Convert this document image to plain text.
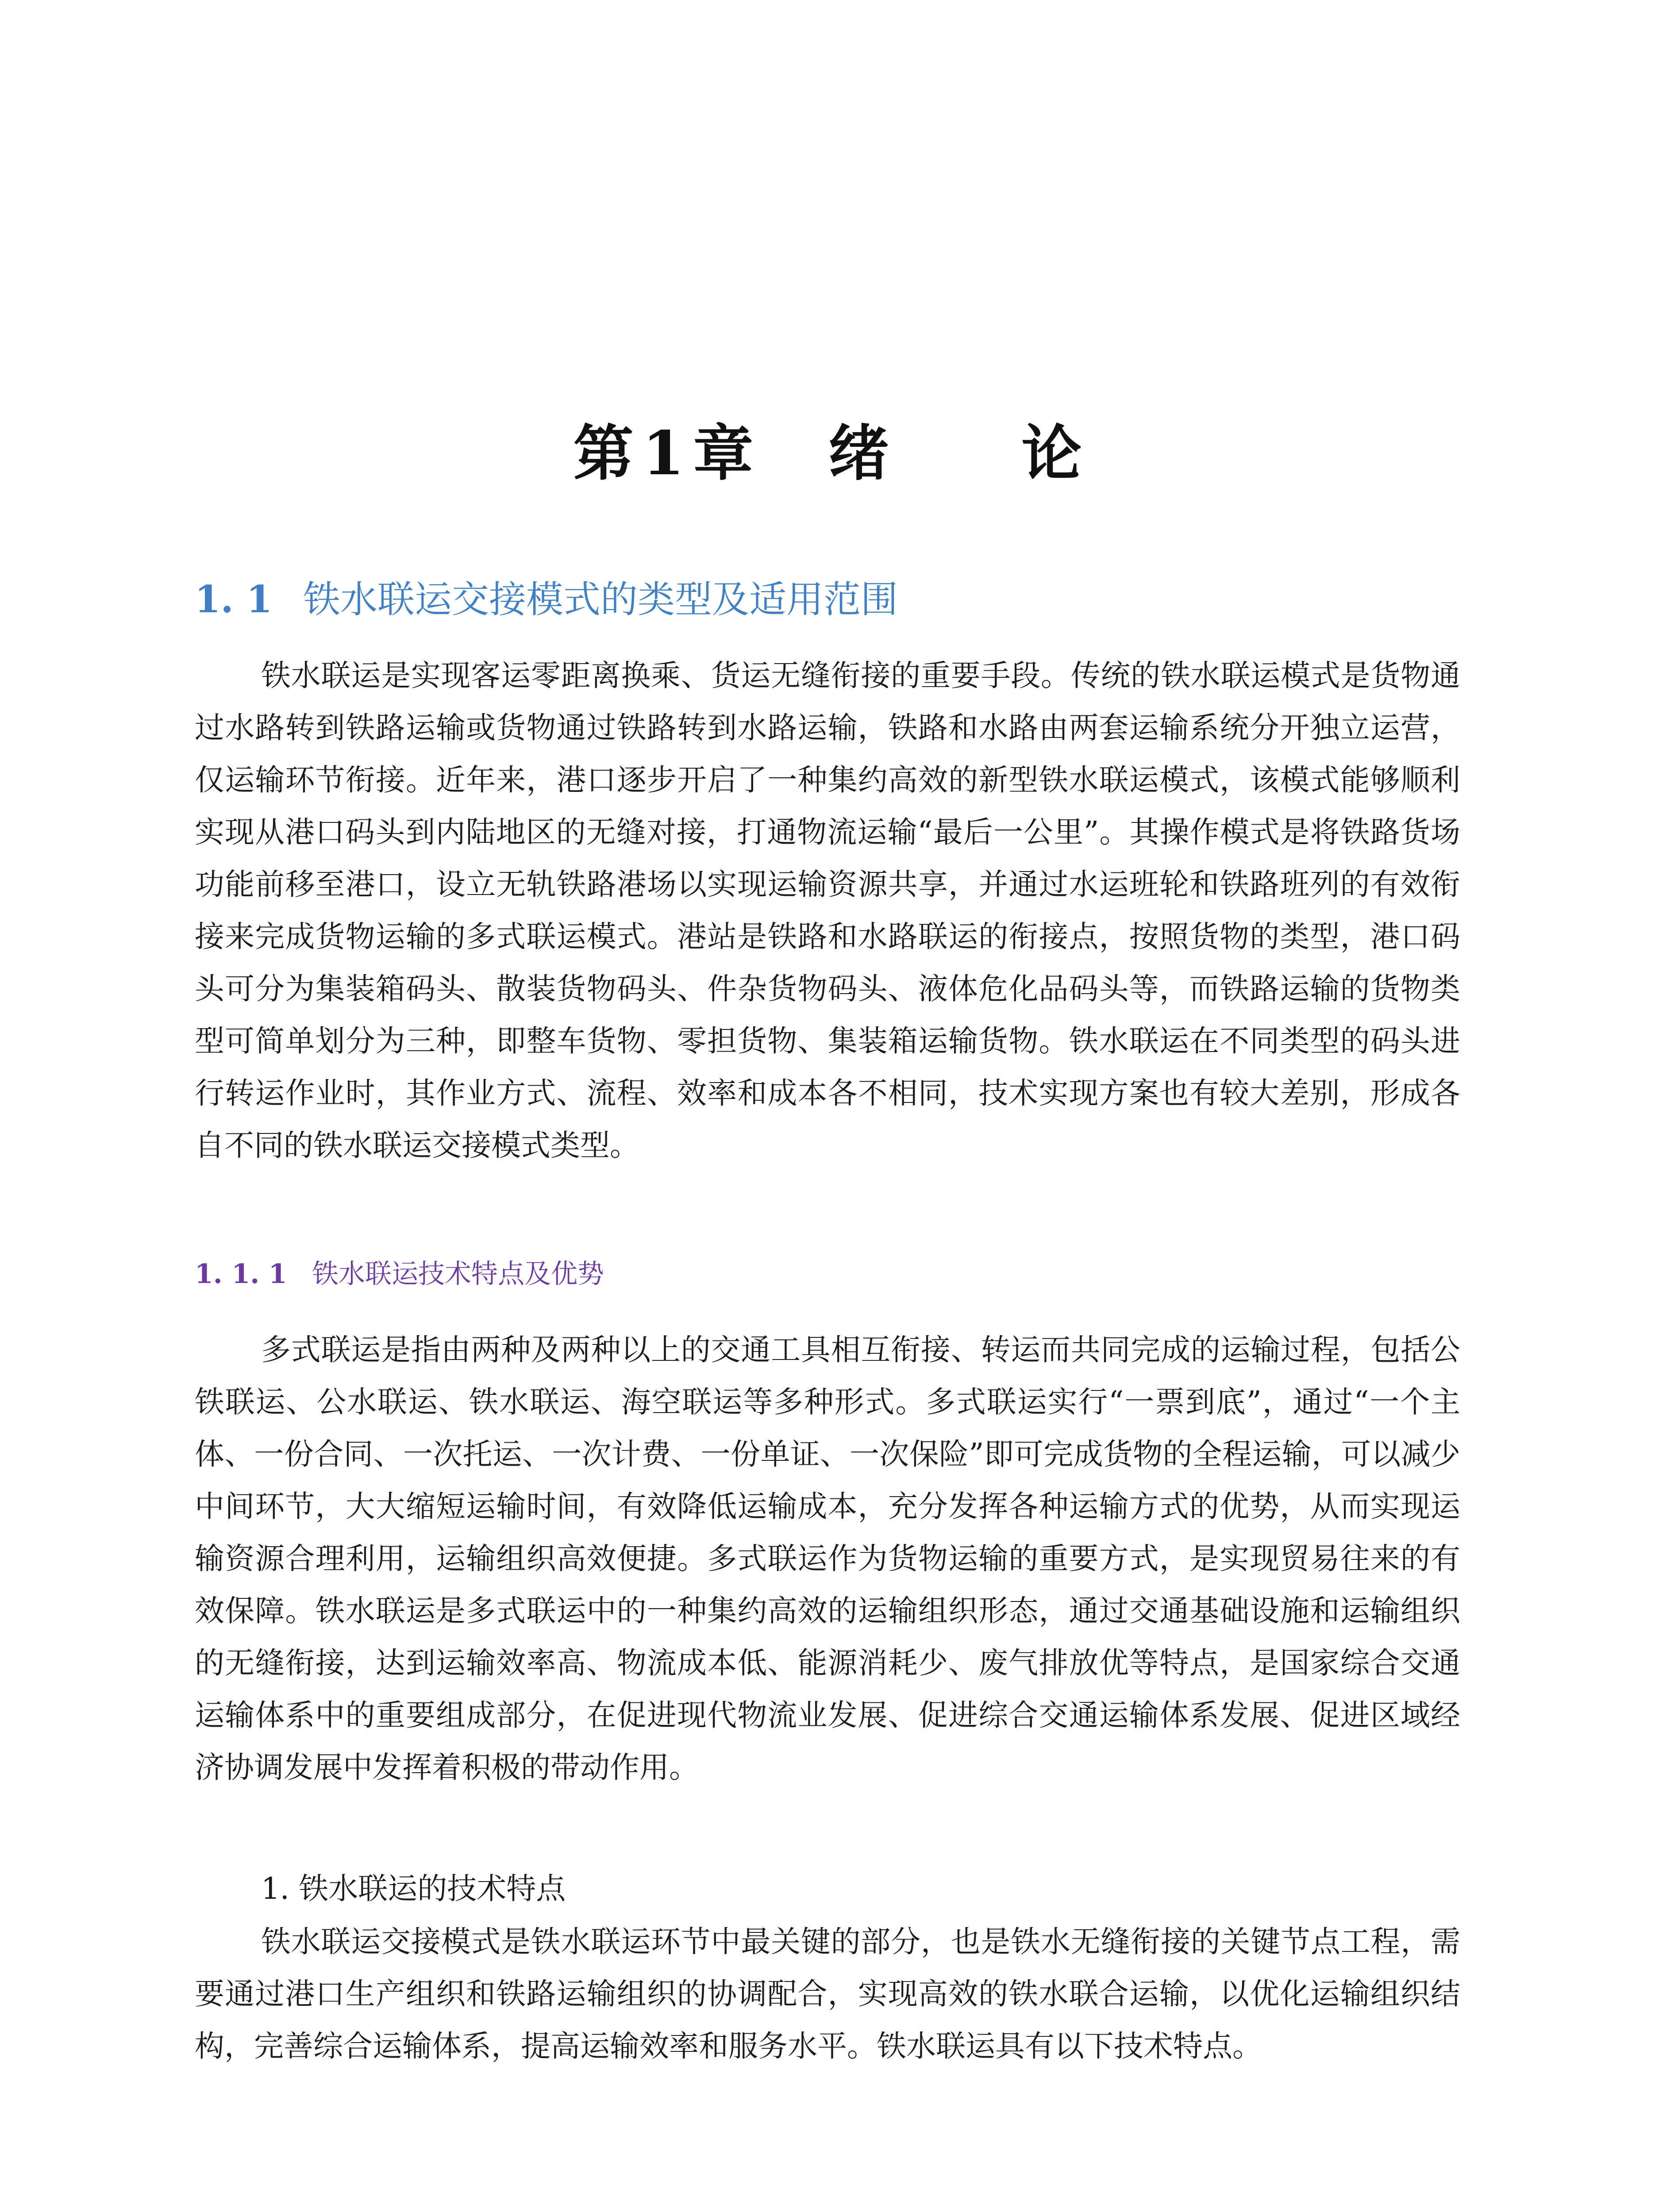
第 1 章 绪 论
1. 1 铁水联运交接模式的类型及适用范围

铁水联运是实现客运零距离换乘、货运无缝衔接的重要手段。传统的铁水联运模式是货物通过水路转到铁路运输或货物通过铁路转到水路运输，铁路和水路由两套运输系统分开独立运营，仅运输环节衔接。近年来，港口逐步开启了一种集约高效的新型铁水联运模式，该模式能够顺利实现从港口码头到内陆地区的无缝对接，打通物流运输“最后一公里”。其操作模式是将铁路货场功能前移至港口，设立无轨铁路港场以实现运输资源共享，并通过水运班轮和铁路班列的有效衔接来完成货物运输的多式联运模式。港站是铁路和水路联运的衔接点，按照货物的类型，港口码头可分为集装箱码头、散装货物码头、件杂货物码头、液体危化品码头等，而铁路运输的货物类型可简单划分为三种，即整车货物、零担货物、集装箱运输货物。铁水联运在不同类型的码头进行转运作业时，其作业方式、流程、效率和成本各不相同，技术实现方案也有较大差别，形成各自不同的铁水联运交接模式类型。

1. 1. 1 铁水联运技术特点及优势

多式联运是指由两种及两种以上的交通工具相互衔接、转运而共同完成的运输过程，包括公铁联运、公水联运、铁水联运、海空联运等多种形式。多式联运实行“一票到底”，通过“一个主体、一份合同、一次托运、一次计费、一份单证、一次保险”即可完成货物的全程运输，可以减少中间环节，大大缩短运输时间，有效降低运输成本，充分发挥各种运输方式的优势，从而实现运输资源合理利用，运输组织高效便捷。多式联运作为货物运输的重要方式，是实现贸易往来的有效保障。铁水联运是多式联运中的一种集约高效的运输组织形态，通过交通基础设施和运输组织的无缝衔接，达到运输效率高、物流成本低、能源消耗少、废气排放优等特点，是国家综合交通运输体系中的重要组成部分，在促进现代物流业发展、促进综合交通运输体系发展、促进区域经济协调发展中发挥着积极的带动作用。

1. 铁水联运的技术特点

铁水联运交接模式是铁水联运环节中最关键的部分，也是铁水无缝衔接的关键节点工程，需要通过港口生产组织和铁路运输组织的协调配合，实现高效的铁水联合运输，以优化运输组织结构，完善综合运输体系，提高运输效率和服务水平。铁水联运具有以下技术特点。
